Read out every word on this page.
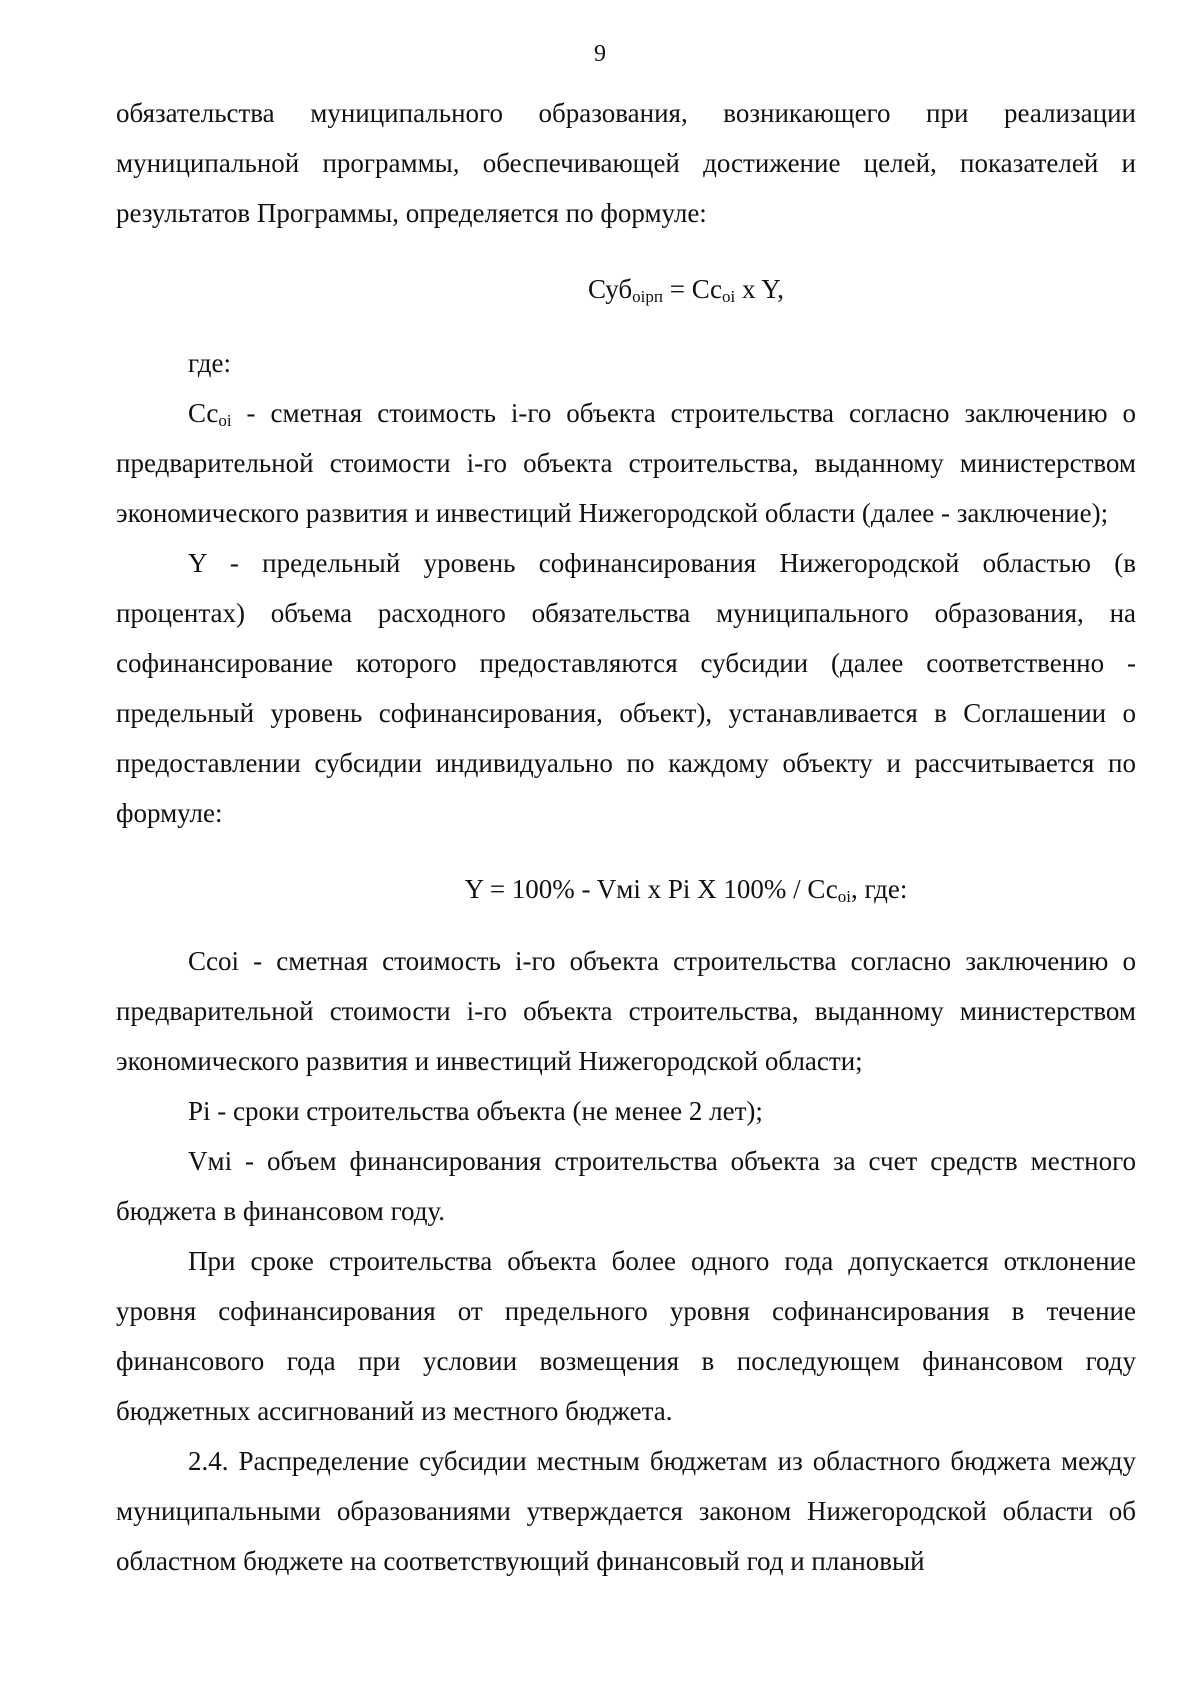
9

обязательства муниципального образования, возникающего при реализации муниципальной программы, обеспечивающей достижение целей, показателей и результатов Программы, определяется по формуле:

$Суб_{оірп} = Сс_{оі}$ x Y,

где:

$Сс_{оі}$ - сметная стоимость і-го объекта строительства согласно заключению о предварительной стоимости і-го объекта строительства, выданному министерством экономического развития и инвестиций Нижегородской области (далее - заключение);

Y - предельный уровень софинансирования Нижегородской областью (в процентах) объема расходного обязательства муниципального образования, на софинансирование которого предоставляются субсидии (далее соответственно - предельный уровень софинансирования, объект), устанавливается в Соглашении о предоставлении субсидии индивидуально по каждому объекту и рассчитывается по формуле:

Y = 100% - Vмі x Pі X $100\% / Сс_{оі}$, где:

Ccoi - сметная стоимость і-го объекта строительства согласно заключению о предварительной стоимости і-го объекта строительства, выданному министерством экономического развития и инвестиций Нижегородской области;

Pі - сроки строительства объекта (не менее 2 лет);

Vмі - объем финансирования строительства объекта за счет средств местного бюджета в финансовом году.

При сроке строительства объекта более одного года допускается отклонение уровня софинансирования от предельного уровня софинансирования в течение финансового года при условии возмещения в последующем финансовом году бюджетных ассигнований из местного бюджета.

2.4. Распределение субсидии местным бюджетам из областного бюджета между муниципальными образованиями утверждается законом Нижегородской области об областном бюджете на соответствующий финансовый год и плановый
